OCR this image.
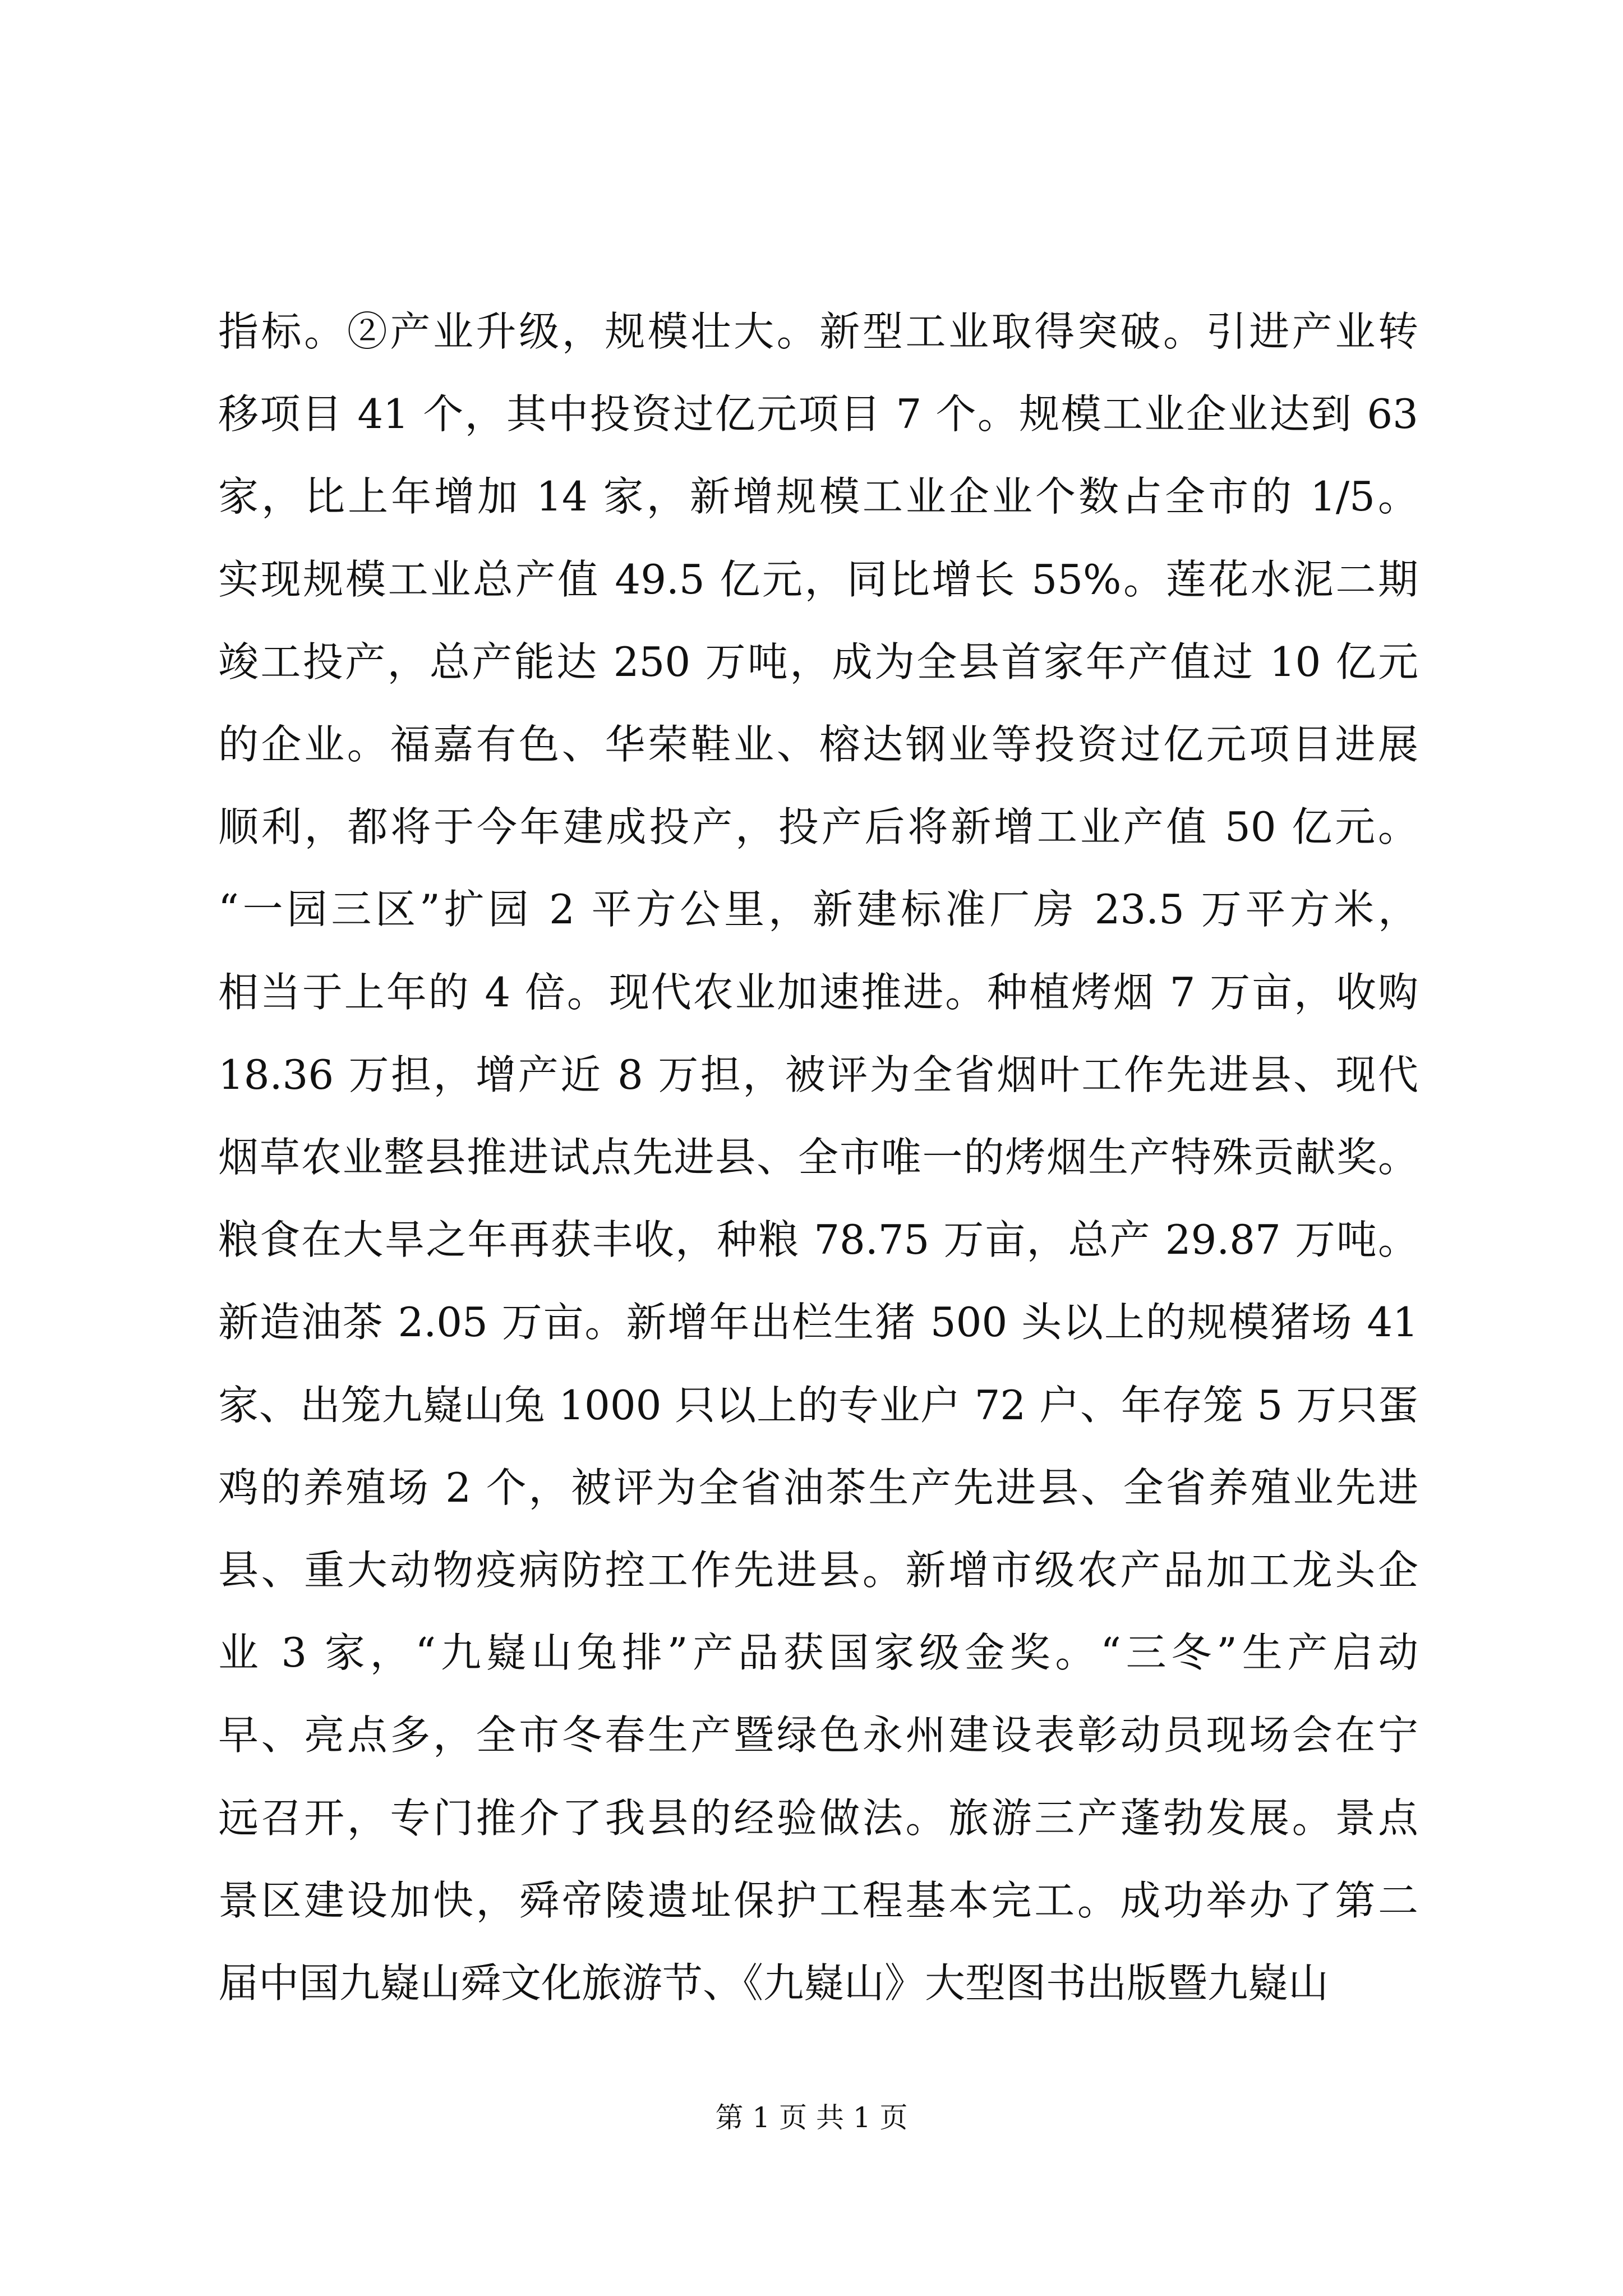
指标。②产业升级，规模壮大。新型工业取得突破。引进产业转
移项目 41 个，其中投资过亿元项目 7 个。规模工业企业达到 63
家，比上年增加 14 家，新增规模工业企业个数占全市的 1/5。
实现规模工业总产值 49.5 亿元，同比增长 55%。莲花水泥二期
竣工投产，总产能达 250 万吨，成为全县首家年产值过 10 亿元
的企业。福嘉有色、华荣鞋业、榕达钢业等投资过亿元项目进展
顺利，都将于今年建成投产，投产后将新增工业产值 50 亿元。
“一园三区”扩园 2 平方公里，新建标准厂房 23.5 万平方米，
相当于上年的 4 倍。现代农业加速推进。种植烤烟 7 万亩，收购
18.36 万担，增产近 8 万担，被评为全省烟叶工作先进县、现代
烟草农业整县推进试点先进县、全市唯一的烤烟生产特殊贡献奖。
粮食在大旱之年再获丰收，种粮 78.75 万亩，总产 29.87 万吨。
新造油茶 2.05 万亩。新增年出栏生猪 500 头以上的规模猪场 41
家、出笼九嶷山兔 1000 只以上的专业户 72 户、年存笼 5 万只蛋
鸡的养殖场 2 个，被评为全省油茶生产先进县、全省养殖业先进
县、重大动物疫病防控工作先进县。新增市级农产品加工龙头企
业 3 家，“九嶷山兔排”产品获国家级金奖。“三冬”生产启动
早、亮点多，全市冬春生产暨绿色永州建设表彰动员现场会在宁
远召开，专门推介了我县的经验做法。旅游三产蓬勃发展。景点
景区建设加快，舜帝陵遗址保护工程基本完工。成功举办了第二
届中国九嶷山舜文化旅游节、《九嶷山》大型图书出版暨九嶷山
第 1 页 共 1 页
